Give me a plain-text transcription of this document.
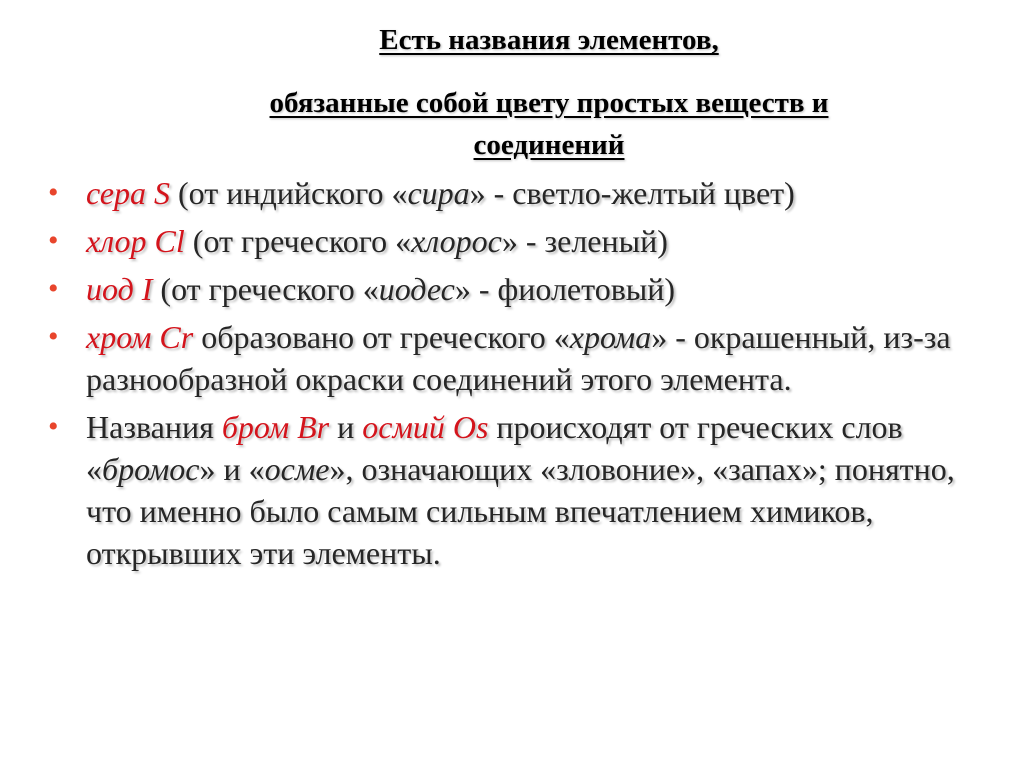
Есть названия элементов,
обязанные собой цвету простых веществ и
соединений
• сера S (от индийского «сира» - светло-желтый цвет)
• хлор Cl (от греческого «хлорос» - зеленый)
• иод I (от греческого «иодес» - фиолетовый)
• хром Cr образовано от греческого «хрома» - окрашенный, из-за разнообразной окраски соединений этого элемента.
• Названия бром Br и осмий Os происходят от греческих слов «бромос» и «осме», означающих «зловоние», «запах»; понятно, что именно было самым сильным впечатлением химиков, открывших эти элементы.
